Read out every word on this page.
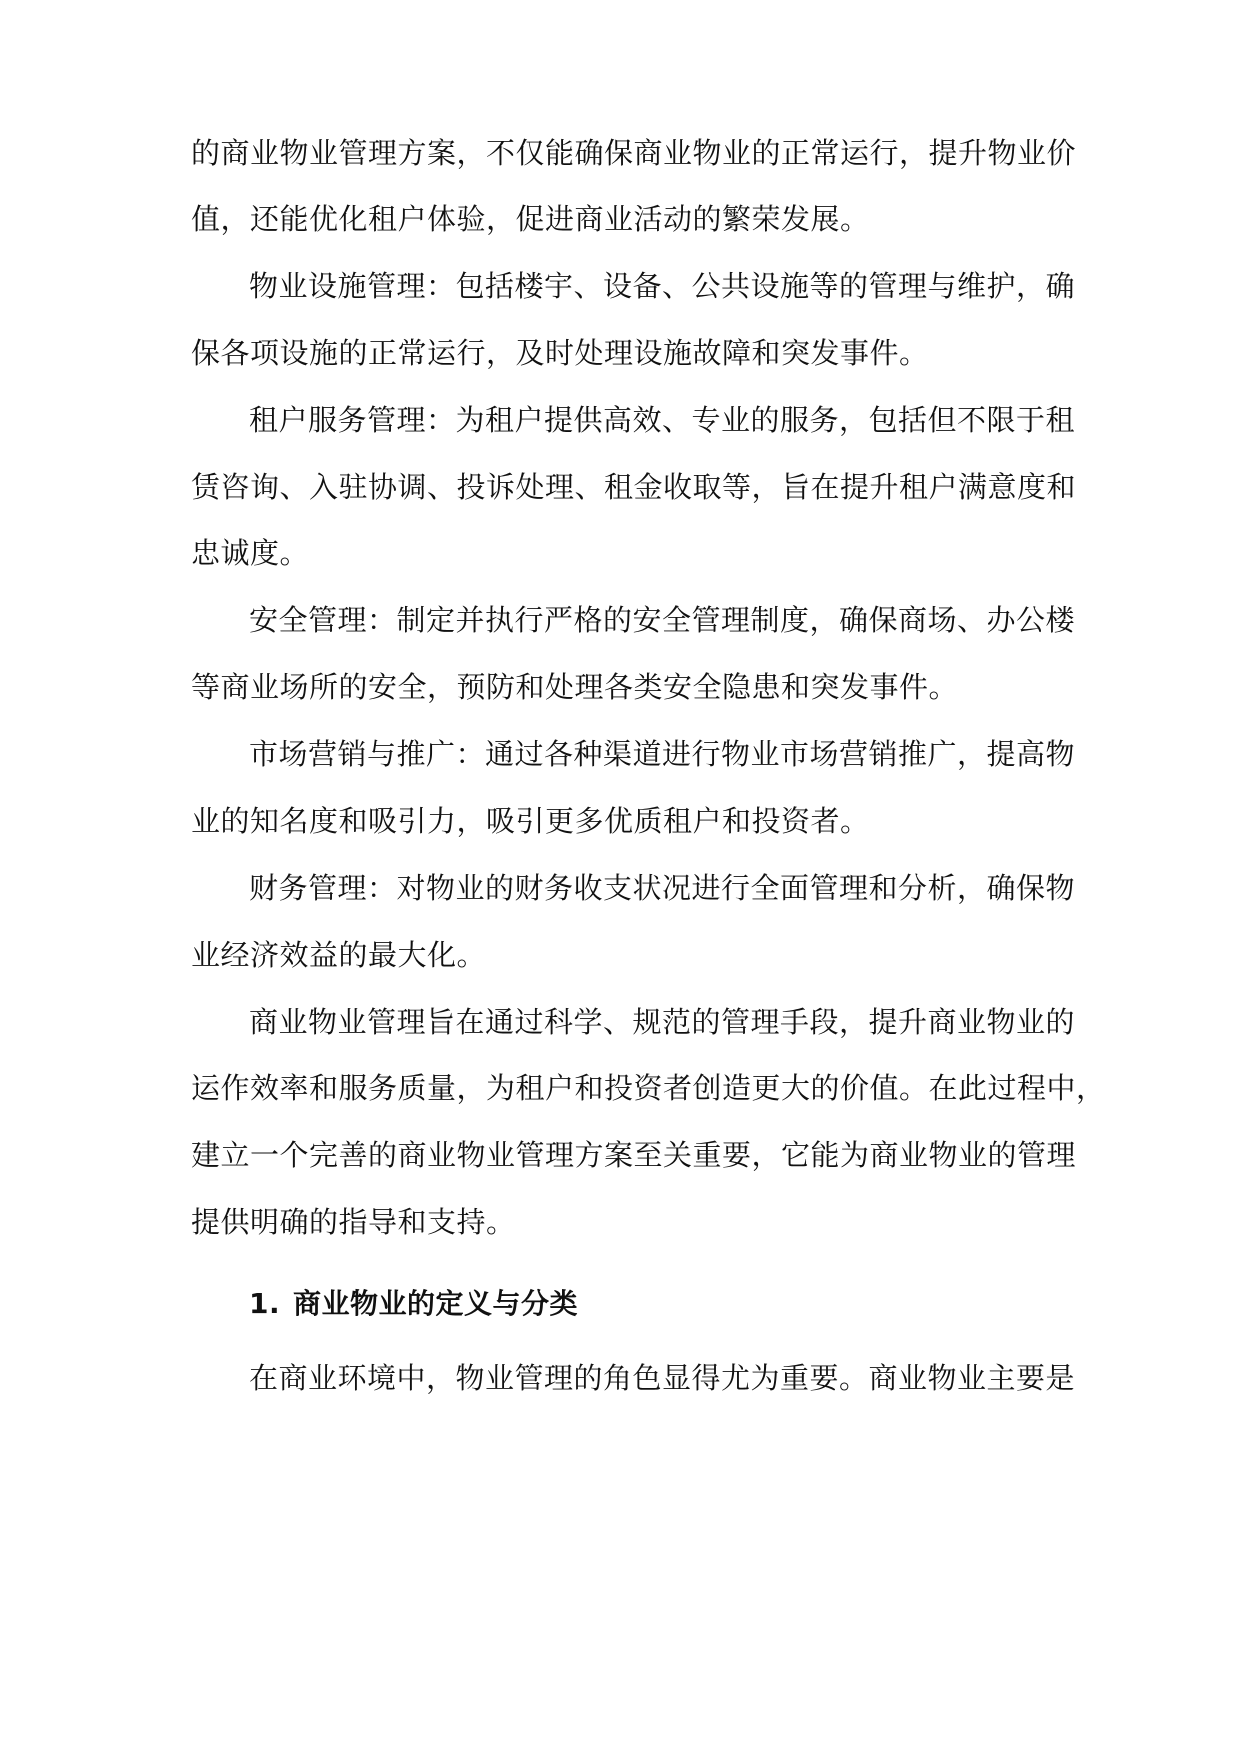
的商业物业管理方案，不仅能确保商业物业的正常运行，提升物业价
值，还能优化租户体验，促进商业活动的繁荣发展。
物业设施管理：包括楼宇、设备、公共设施等的管理与维护，确
保各项设施的正常运行，及时处理设施故障和突发事件。
租户服务管理：为租户提供高效、专业的服务，包括但不限于租
赁咨询、入驻协调、投诉处理、租金收取等，旨在提升租户满意度和
忠诚度。
安全管理：制定并执行严格的安全管理制度，确保商场、办公楼
等商业场所的安全，预防和处理各类安全隐患和突发事件。
市场营销与推广：通过各种渠道进行物业市场营销推广，提高物
业的知名度和吸引力，吸引更多优质租户和投资者。
财务管理：对物业的财务收支状况进行全面管理和分析，确保物
业经济效益的最大化。
商业物业管理旨在通过科学、规范的管理手段，提升商业物业的
运作效率和服务质量，为租户和投资者创造更大的价值。在此过程中，
建立一个完善的商业物业管理方案至关重要，它能为商业物业的管理
提供明确的指导和支持。
1. 商业物业的定义与分类
在商业环境中，物业管理的角色显得尤为重要。商业物业主要是
